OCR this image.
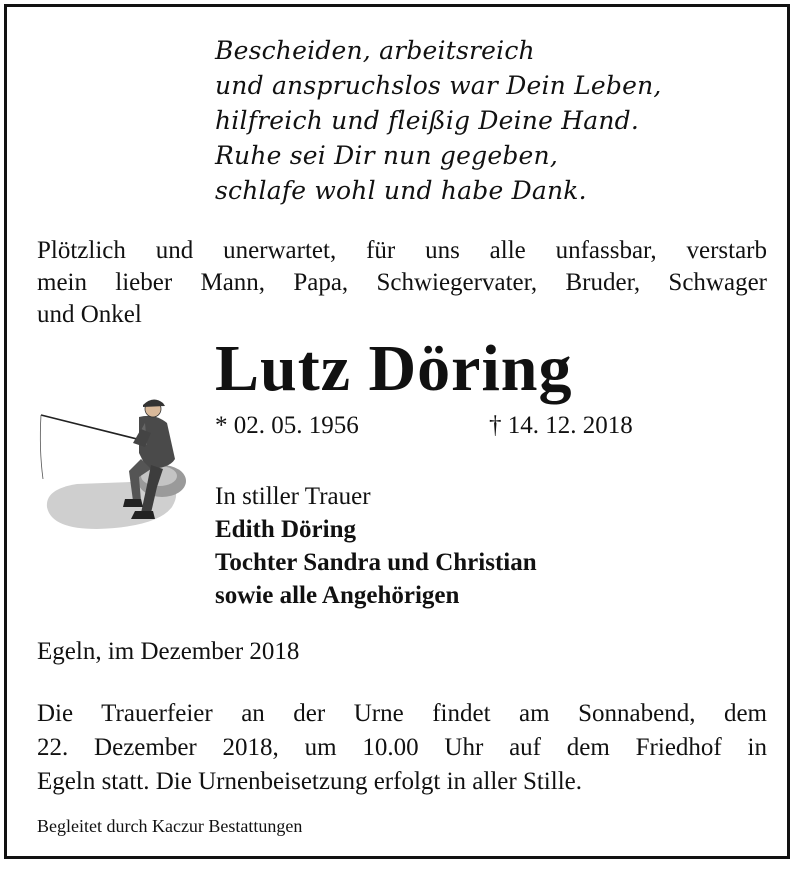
Bescheiden, arbeitsreich
und anspruchslos war Dein Leben,
hilfreich und fleißig Deine Hand.
Ruhe sei Dir nun gegeben,
schlafe wohl und habe Dank.
Plötzlich und unerwartet, für uns alle unfassbar, verstarb
mein lieber Mann, Papa, Schwiegervater, Bruder, Schwager
und Onkel
Lutz Döring
* 02. 05. 1956	† 14. 12. 2018
In stiller Trauer
Edith Döring
Tochter Sandra und Christian
sowie alle Angehörigen
Egeln, im Dezember 2018
Die Trauerfeier an der Urne findet am Sonnabend, dem
22. Dezember 2018, um 10.00 Uhr auf dem Friedhof in
Egeln statt. Die Urnenbeisetzung erfolgt in aller Stille.
Begleitet durch Kaczur Bestattungen
